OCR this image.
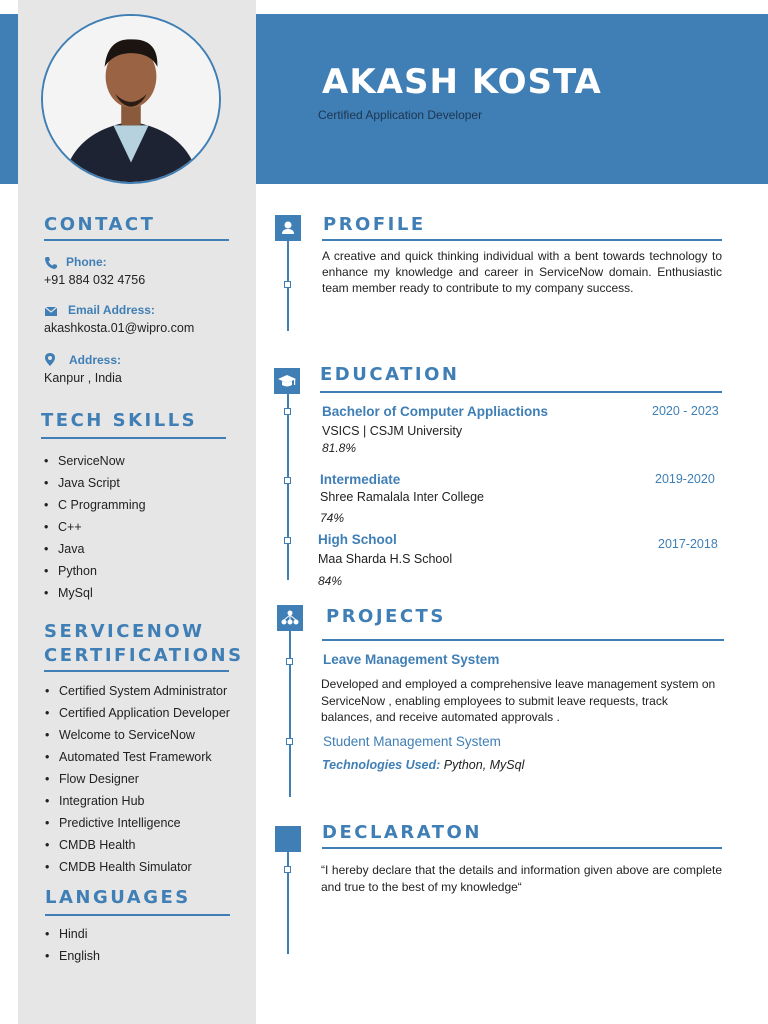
AKASH KOSTA
Certified Application Developer
CONTACT
Phone:
+91 884 032 4756
Email Address:
akashkosta.01@wipro.com
Address:
Kanpur , India
TECH SKILLS
• ServiceNow
• Java Script
• C Programming
• C++
• Java
• Python
• MySql
SERVICENOW
CERTIFICATIONS
• Certified System Administrator
• Certified Application Developer
• Welcome to ServiceNow
• Automated Test Framework
• Flow Designer
• Integration Hub
• Predictive Intelligence
• CMDB Health
• CMDB Health Simulator
LANGUAGES
• Hindi
• English
PROFILE
A creative and quick thinking individual with a bent towards technology to enhance my knowledge and career in ServiceNow domain. Enthusiastic team member ready to contribute to my company success.
EDUCATION
Bachelor of Computer Appliactions	2020 - 2023
VSICS | CSJM University
81.8%
Intermediate	2019-2020
Shree Ramalala Inter College
74%
High School	2017-2018
Maa Sharda H.S School
84%
PROJECTS
Leave Management System
Developed and employed a comprehensive leave management system on ServiceNow , enabling employees to submit leave requests, track balances, and receive automated approvals .
Student Management System
Technologies Used: Python, MySql
DECLARATON
“I hereby declare that the details and information given above are complete and true to the best of my knowledge“
